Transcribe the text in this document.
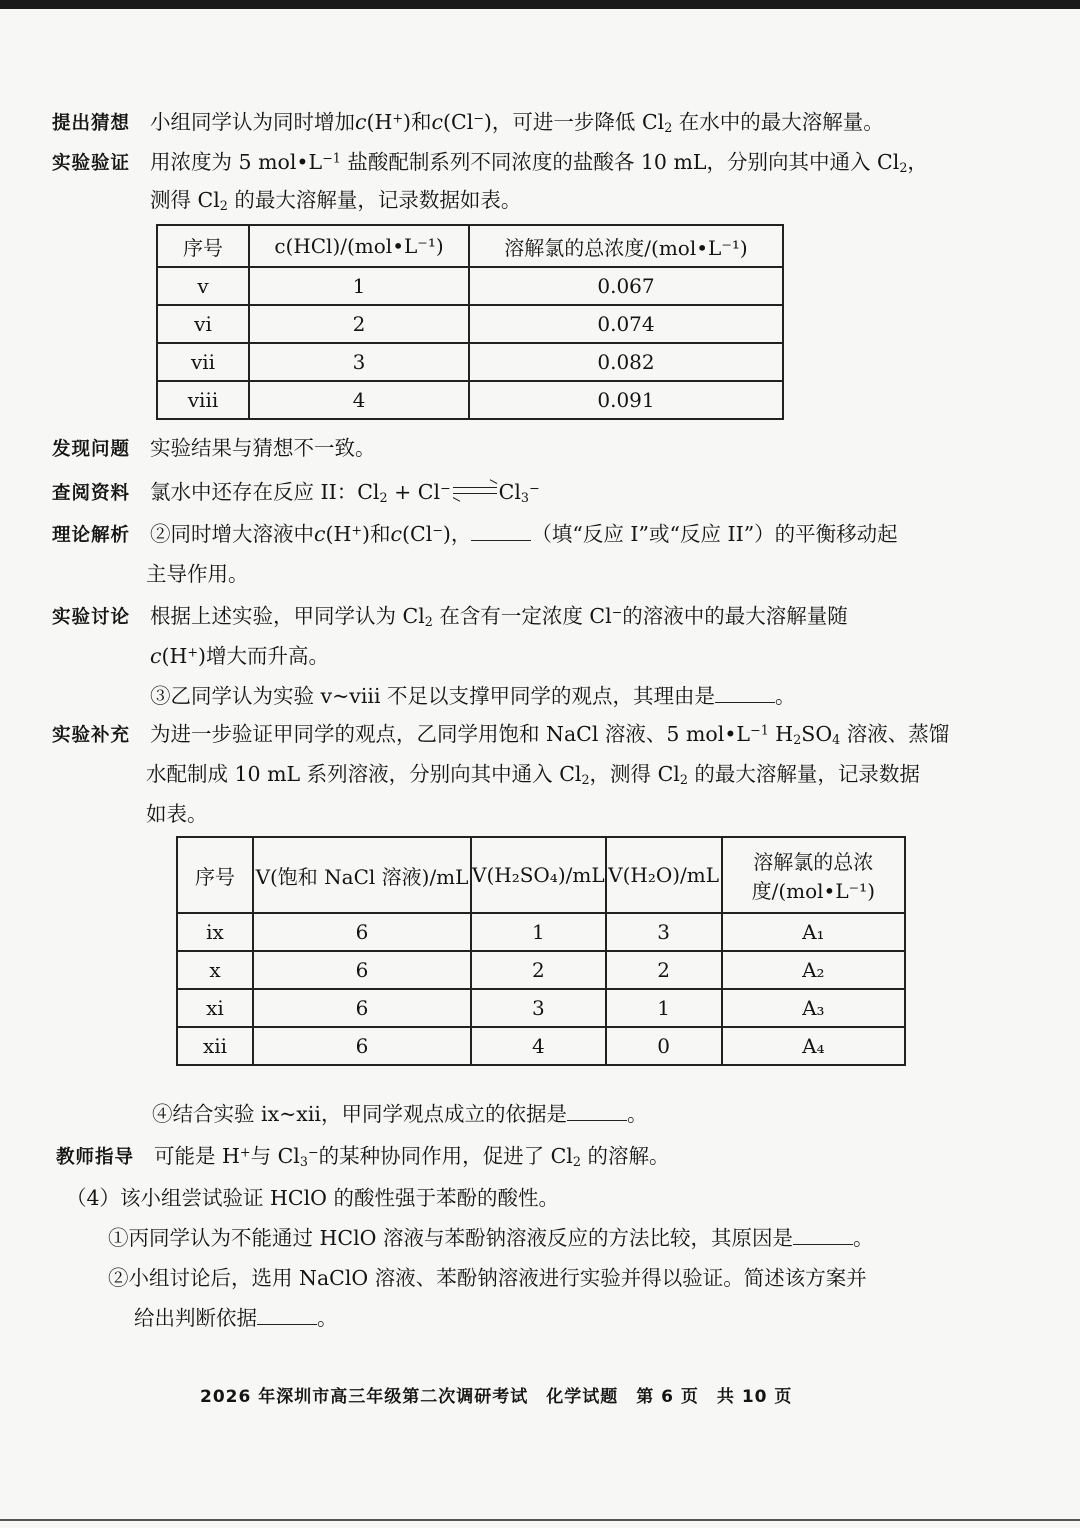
提出猜想 小组同学认为同时增加c(H+)和c(Cl−)，可进一步降低 $Cl_2$ 在水中的最大溶解量。
实验验证 用浓度为 5 $mol•L^{-1}$ 盐酸配制系列不同浓度的盐酸各 10 mL，分别向其中通入 $Cl_2$，
测得 $Cl_2$ 的最大溶解量，记录数据如表。
序号	c(HCl)/(mol•L⁻¹)	溶解氯的总浓度/(mol•L⁻¹)
v	1	0.067
vi	2	0.074
vii	3	0.082
viii	4	0.091
发现问题 实验结果与猜想不一致。
查阅资料 氯水中还存在反应 II：$Cl_2 + Cl^-$ $Cl_3^-$
理论解析 ②同时增大溶液中c(H+)和c(Cl−)，	（填“反应 I”或“反应 II”）的平衡移动起
主导作用。
实验讨论 根据上述实验，甲同学认为 $Cl_2$ 在含有一定浓度 Cl−的溶液中的最大溶解量随
c(H+)增大而升高。
③乙同学认为实验 v~viii 不足以支撑甲同学的观点，其理由是	。
实验补充 为进一步验证甲同学的观点，乙同学用饱和 NaCl 溶液、5 $mol•L^{-1}$ $H_2SO_4$ 溶液、蒸馏
水配制成 10 mL 系列溶液，分别向其中通入 $Cl_2$，测得 $Cl_2$ 的最大溶解量，记录数据
如表。
序号	V(饱和 NaCl 溶液)/mL	V(H₂SO₄)/mL	V(H₂O)/mL	溶解氯的总浓度/(mol•L⁻¹)
ix	6	1	3	A₁
x	6	2	2	A₂
xi	6	3	1	A₃
xii	6	4	0	A₄
④结合实验 ix~xii，甲同学观点成立的依据是	。
教师指导 可能是 H+与 $Cl_3^-$的某种协同作用，促进了 $Cl_2$ 的溶解。
（4）该小组尝试验证 HClO 的酸性强于苯酚的酸性。
①丙同学认为不能通过 HClO 溶液与苯酚钠溶液反应的方法比较，其原因是	。
②小组讨论后，选用 NaClO 溶液、苯酚钠溶液进行实验并得以验证。简述该方案并
给出判断依据	。
2026 年深圳市高三年级第二次调研考试　化学试题　第 6 页　共 10 页
